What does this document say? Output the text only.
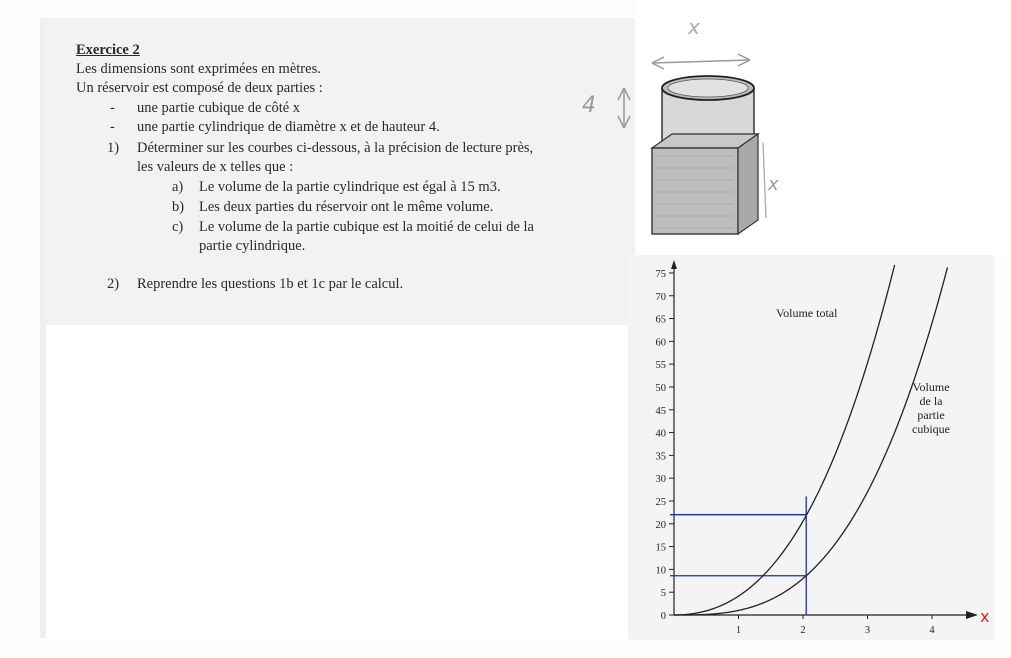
Exercice 2
Les dimensions sont exprimées en mètres.
Un réservoir est composé de deux parties :
- une partie cubique de côté x
- une partie cylindrique de diamètre x et de hauteur 4.
1) Déterminer sur les courbes ci-dessous, à la précision de lecture près,
les valeurs de x telles que :
a) Le volume de la partie cylindrique est égal à 15 m3.
b) Les deux parties du réservoir ont le même volume.
c) Le volume de la partie cubique est la moitié de celui de la
partie cylindrique.
2) Reprendre les questions 1b et 1c par le calcul.
x
4
x
x
0
5
10
15
20
25
30
35
40
45
50
55
60
65
70
75
1	2	3	4
Volume total
Volume
de la
partie
cubique
